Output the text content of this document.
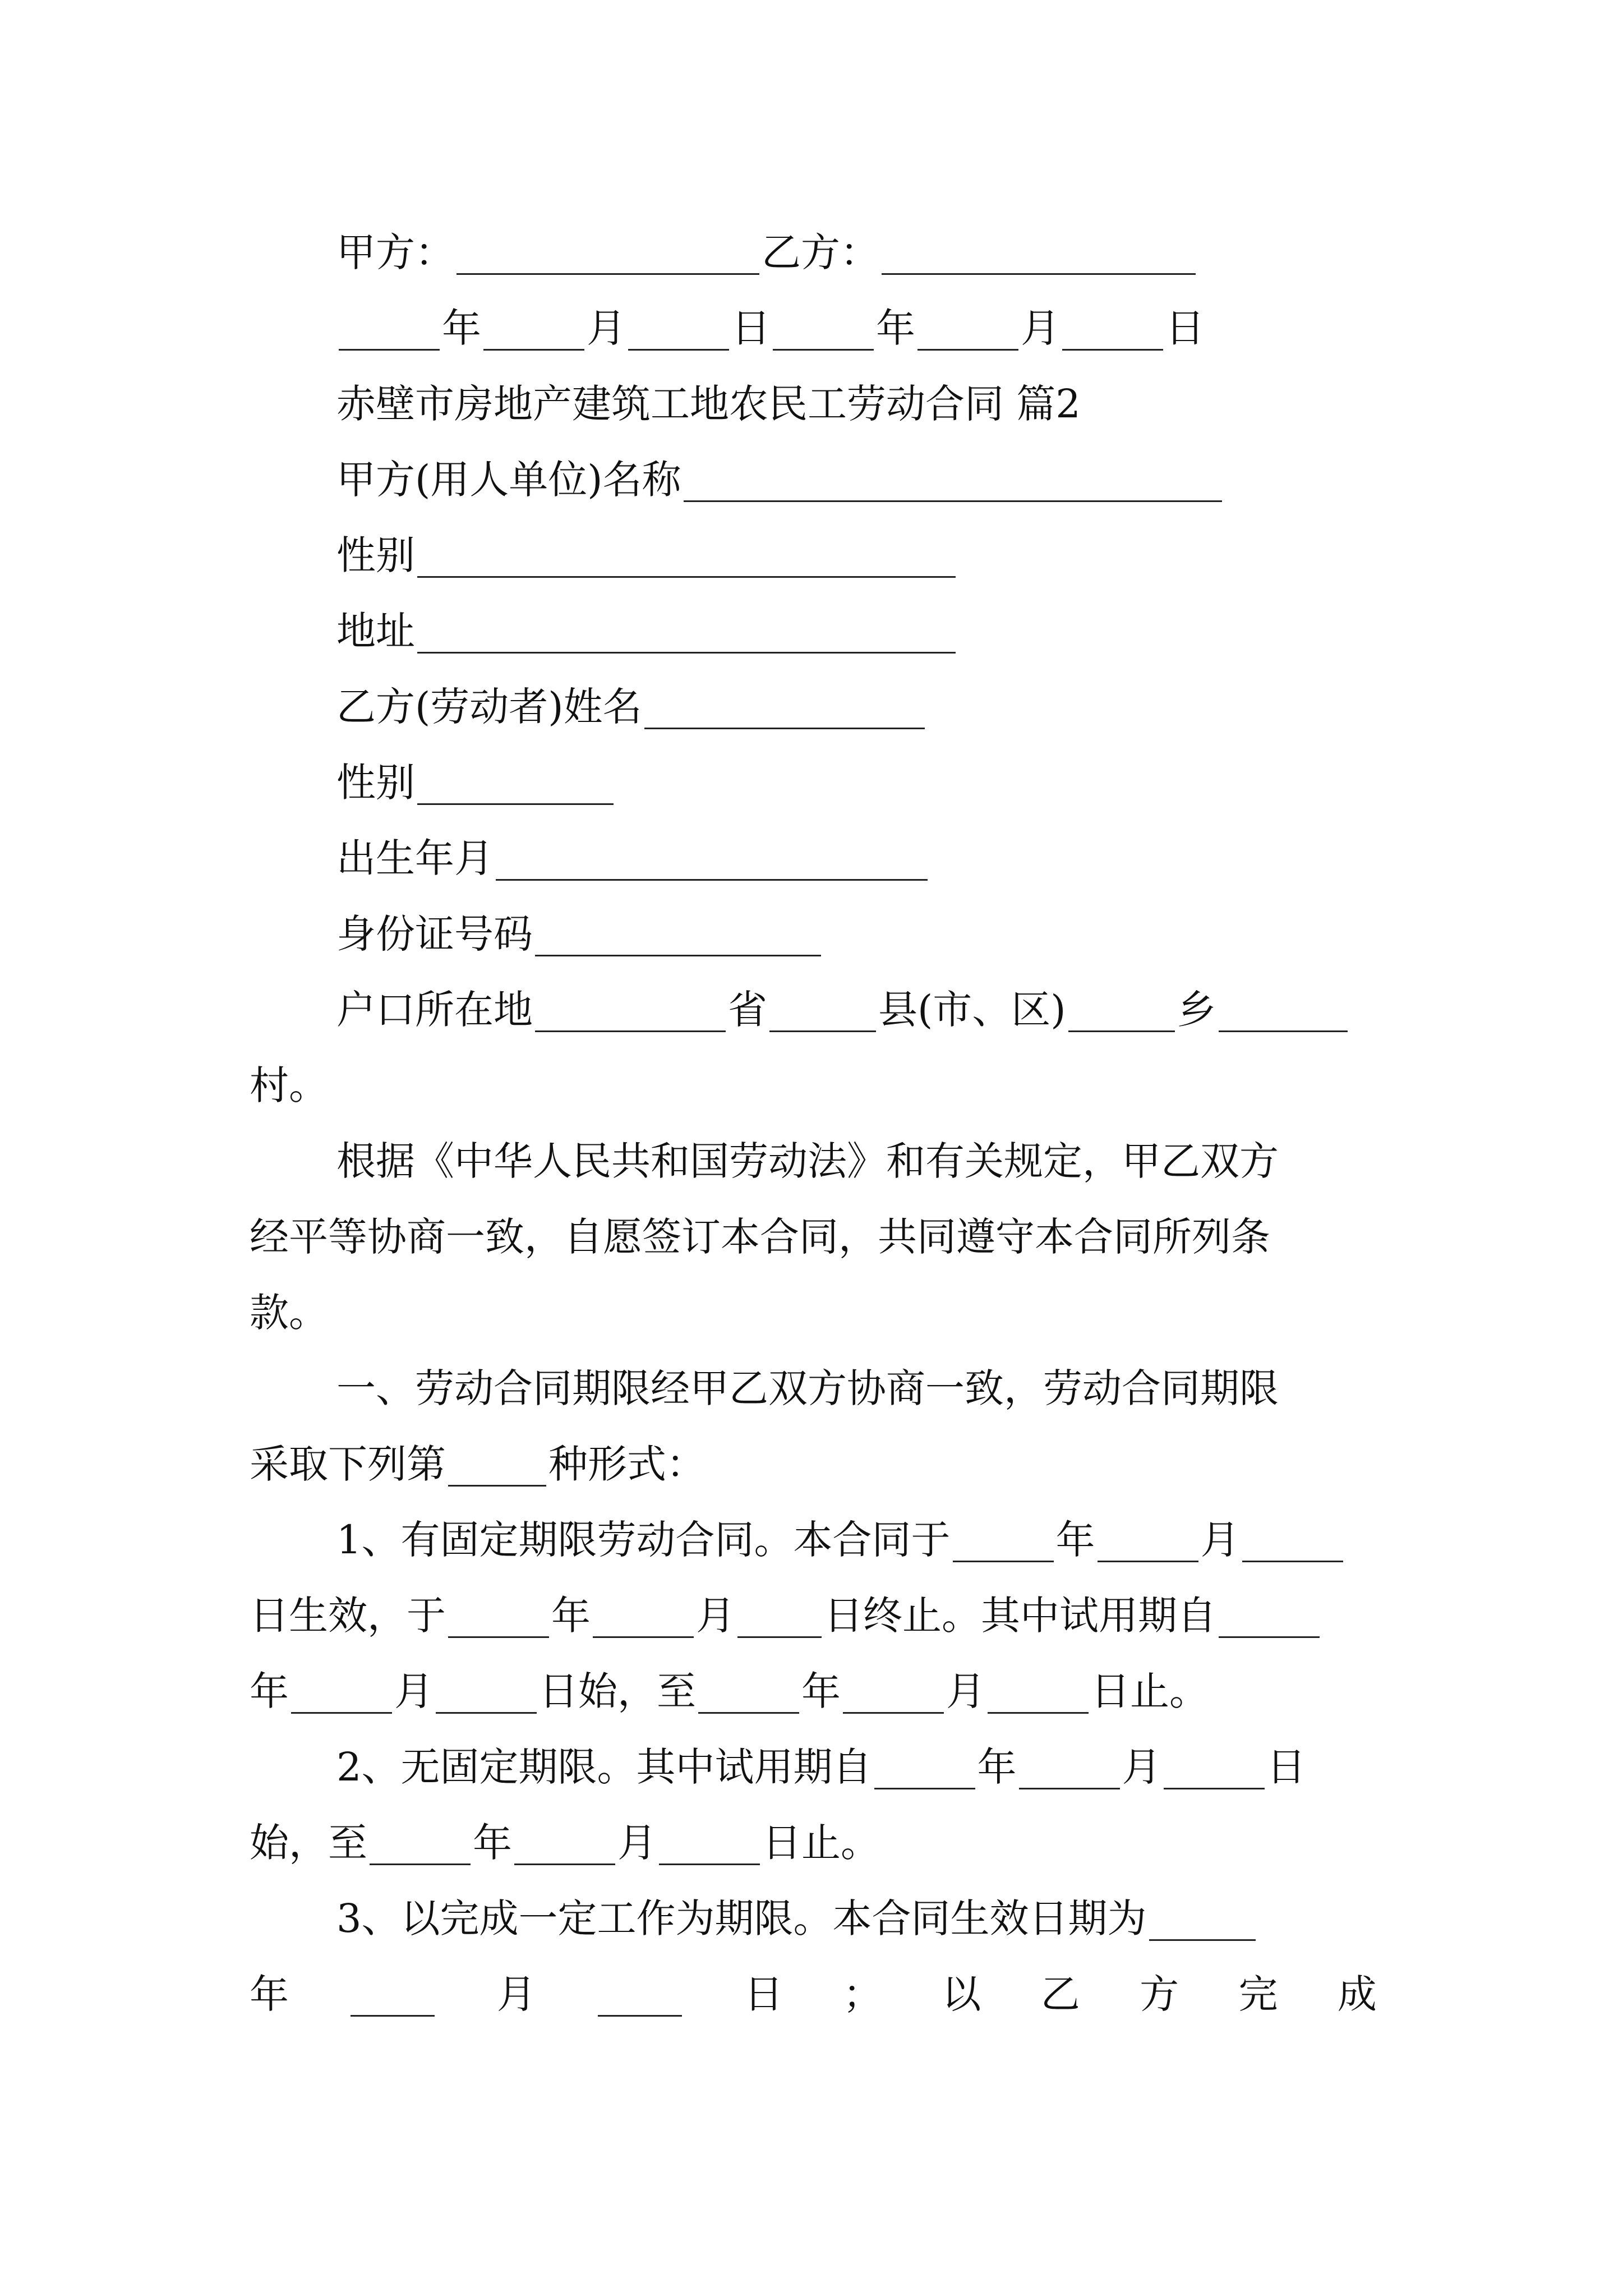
甲方：	乙方：
年	月	日	年	月	日
赤壁市房地产建筑工地农民工劳动合同 篇2
甲方(用人单位)名称
性别
地址
乙方(劳动者)姓名
性别
出生年月
身份证号码
户口所在地	省	县(市、区)	乡
村。
根据《中华人民共和国劳动法》和有关规定，甲乙双方
经平等协商一致，自愿签订本合同，共同遵守本合同所列条
款。
一、劳动合同期限经甲乙双方协商一致，劳动合同期限
采取下列第	种形式：
1、有固定期限劳动合同。本合同于	年	月
日生效，于	年	月 日终止。其中试用期自
年	月	日始，至	年	月	日止。
2、无固定期限。其中试用期自	年	月	日
始，至	年	月	日止。
3、以完成一定工作为期限。本合同生效日期为
年	月	日 ； 以 乙 方 完 成
